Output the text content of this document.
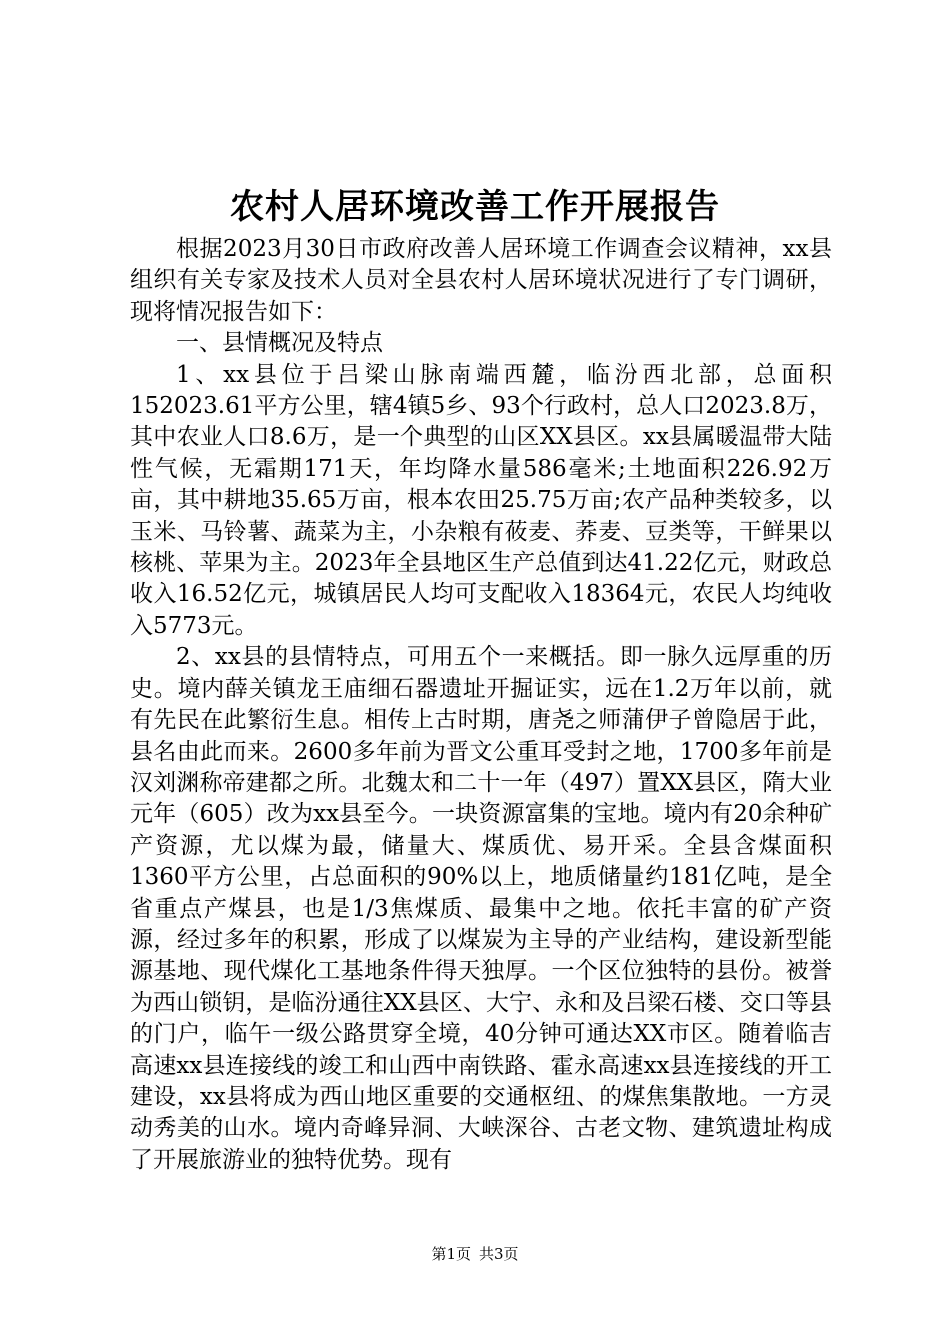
农村人居环境改善工作开展报告

根据2023月30日市政府改善人居环境工作调查会议精神，xx县组织有关专家及技术人员对全县农村人居环境状况进行了专门调研，现将情况报告如下：

一、县情概况及特点

1、xx县位于吕梁山脉南端西麓，临汾西北部，总面积152023.61平方公里，辖4镇5乡、93个行政村，总人口2023.8万，其中农业人口8.6万，是一个典型的山区XX县区。xx县属暖温带大陆性气候，无霜期171天，年均降水量586毫米;土地面积226.92万亩，其中耕地35.65万亩，根本农田25.75万亩;农产品种类较多，以玉米、马铃薯、蔬菜为主，小杂粮有莜麦、荞麦、豆类等，干鲜果以核桃、苹果为主。2023年全县地区生产总值到达41.22亿元，财政总收入16.52亿元，城镇居民人均可支配收入18364元，农民人均纯收入5773元。

2、xx县的县情特点，可用五个一来概括。即一脉久远厚重的历史。境内薛关镇龙王庙细石器遗址开掘证实，远在1.2万年以前，就有先民在此繁衍生息。相传上古时期，唐尧之师蒲伊子曾隐居于此，县名由此而来。2600多年前为晋文公重耳受封之地，1700多年前是汉刘渊称帝建都之所。北魏太和二十一年（497）置XX县区，隋大业元年（605）改为xx县至今。一块资源富集的宝地。境内有20余种矿产资源，尤以煤为最，储量大、煤质优、易开采。全县含煤面积1360平方公里，占总面积的90%以上，地质储量约181亿吨，是全省重点产煤县，也是1/3焦煤质、最集中之地。依托丰富的矿产资源，经过多年的积累，形成了以煤炭为主导的产业结构，建设新型能源基地、现代煤化工基地条件得天独厚。一个区位独特的县份。被誉为西山锁钥，是临汾通往XX县区、大宁、永和及吕梁石楼、交口等县的门户，临午一级公路贯穿全境，40分钟可通达XX市区。随着临吉高速xx县连接线的竣工和山西中南铁路、霍永高速xx县连接线的开工建设，xx县将成为西山地区重要的交通枢纽、的煤焦集散地。一方灵动秀美的山水。境内奇峰异洞、大峡深谷、古老文物、建筑遗址构成了开展旅游业的独特优势。现有

第1页 共3页
